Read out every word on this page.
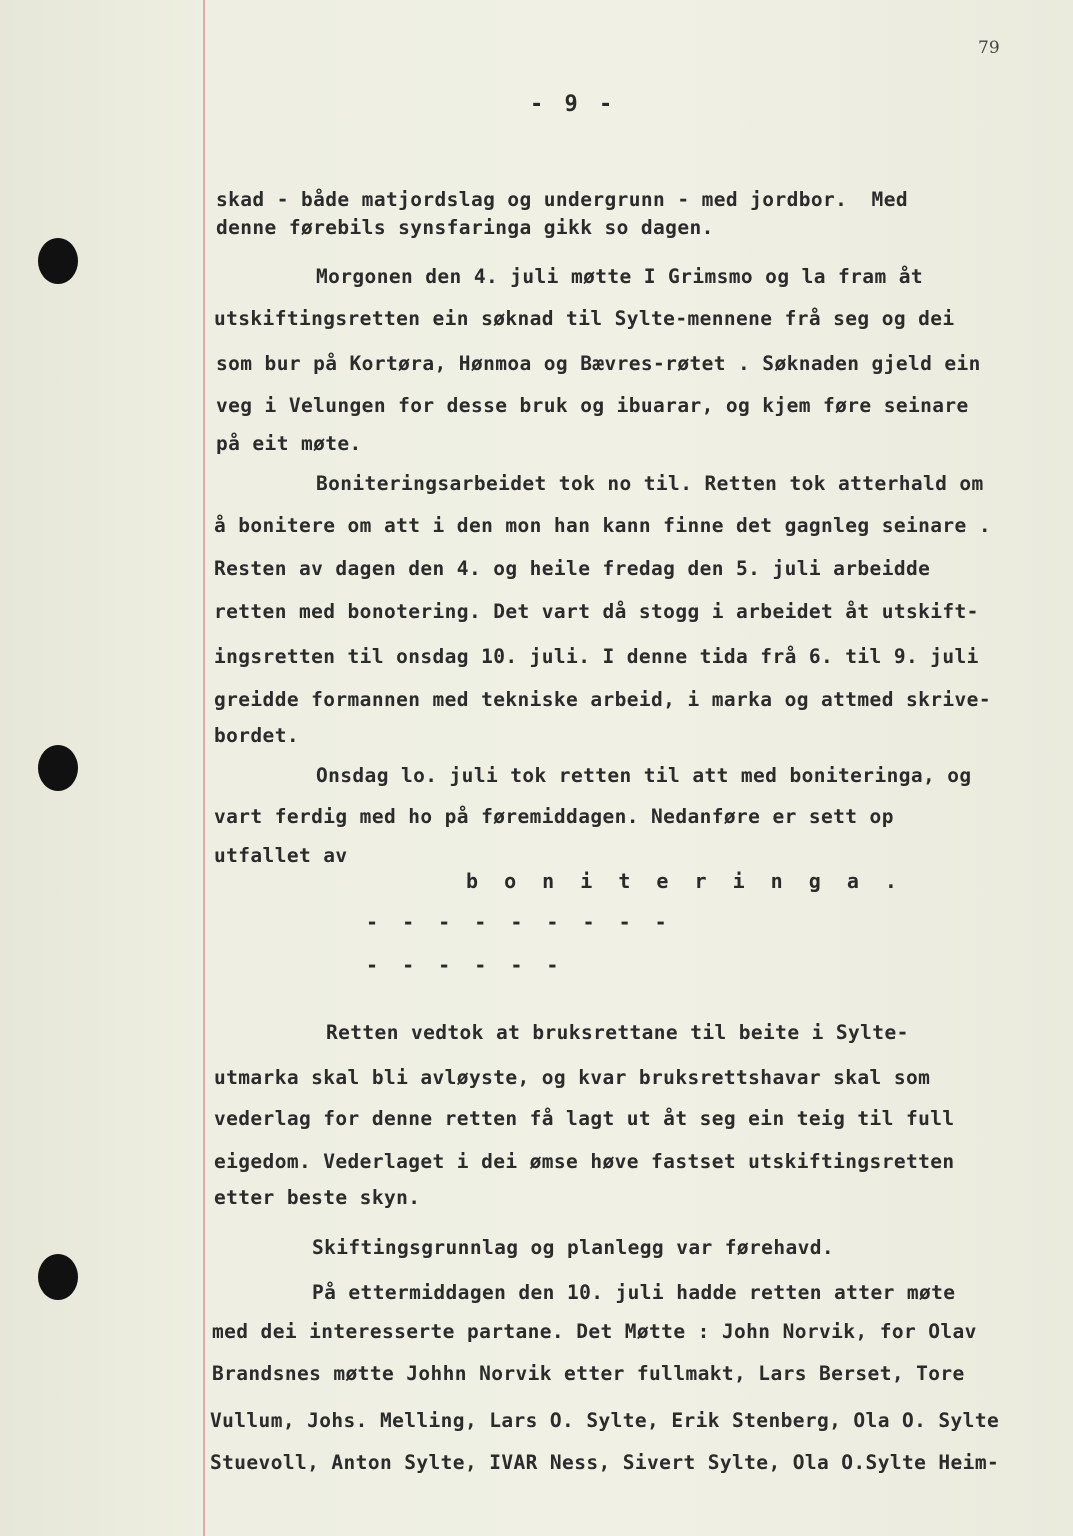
79
- 9 -
skad - både matjordslag og undergrunn - med jordbor.  Med
denne førebils synsfaringa gikk so dagen.
Morgonen den 4. juli møtte I Grimsmo og la fram åt
utskiftingsretten ein søknad til Sylte-mennene frå seg og dei
som bur på Kortøra, Hønmoa og Bævres-røtet . Søknaden gjeld ein
veg i Velungen for desse bruk og ibuarar, og kjem føre seinare
på eit møte.
Boniteringsarbeidet tok no til. Retten tok atterhald om
å bonitere om att i den mon han kann finne det gagnleg seinare .
Resten av dagen den 4. og heile fredag den 5. juli arbeidde
retten med bonotering. Det vart då stogg i arbeidet åt utskift-
ingsretten til onsdag 10. juli. I denne tida frå 6. til 9. juli
greidde formannen med tekniske arbeid, i marka og attmed skrive-
bordet.
Onsdag lo. juli tok retten til att med boniteringa, og
vart ferdig med ho på føremiddagen. Nedanføre er sett op
utfallet av
b o n i t e r i n g a .
- - - - - - - - -
- - - - - -
Retten vedtok at bruksrettane til beite i Sylte-
utmarka skal bli avløyste, og kvar bruksrettshavar skal som
vederlag for denne retten få lagt ut åt seg ein teig til full
eigedom. Vederlaget i dei ømse høve fastset utskiftingsretten
etter beste skyn.
Skiftingsgrunnlag og planlegg var førehavd.
På ettermiddagen den 10. juli hadde retten atter møte
med dei interesserte partane. Det Møtte : John Norvik, for Olav
Brandsnes møtte Johhn Norvik etter fullmakt, Lars Berset, Tore
Vullum, Johs. Melling, Lars O. Sylte, Erik Stenberg, Ola O. Sylte
Stuevoll, Anton Sylte, IVAR Ness, Sivert Sylte, Ola O.Sylte Heim-
